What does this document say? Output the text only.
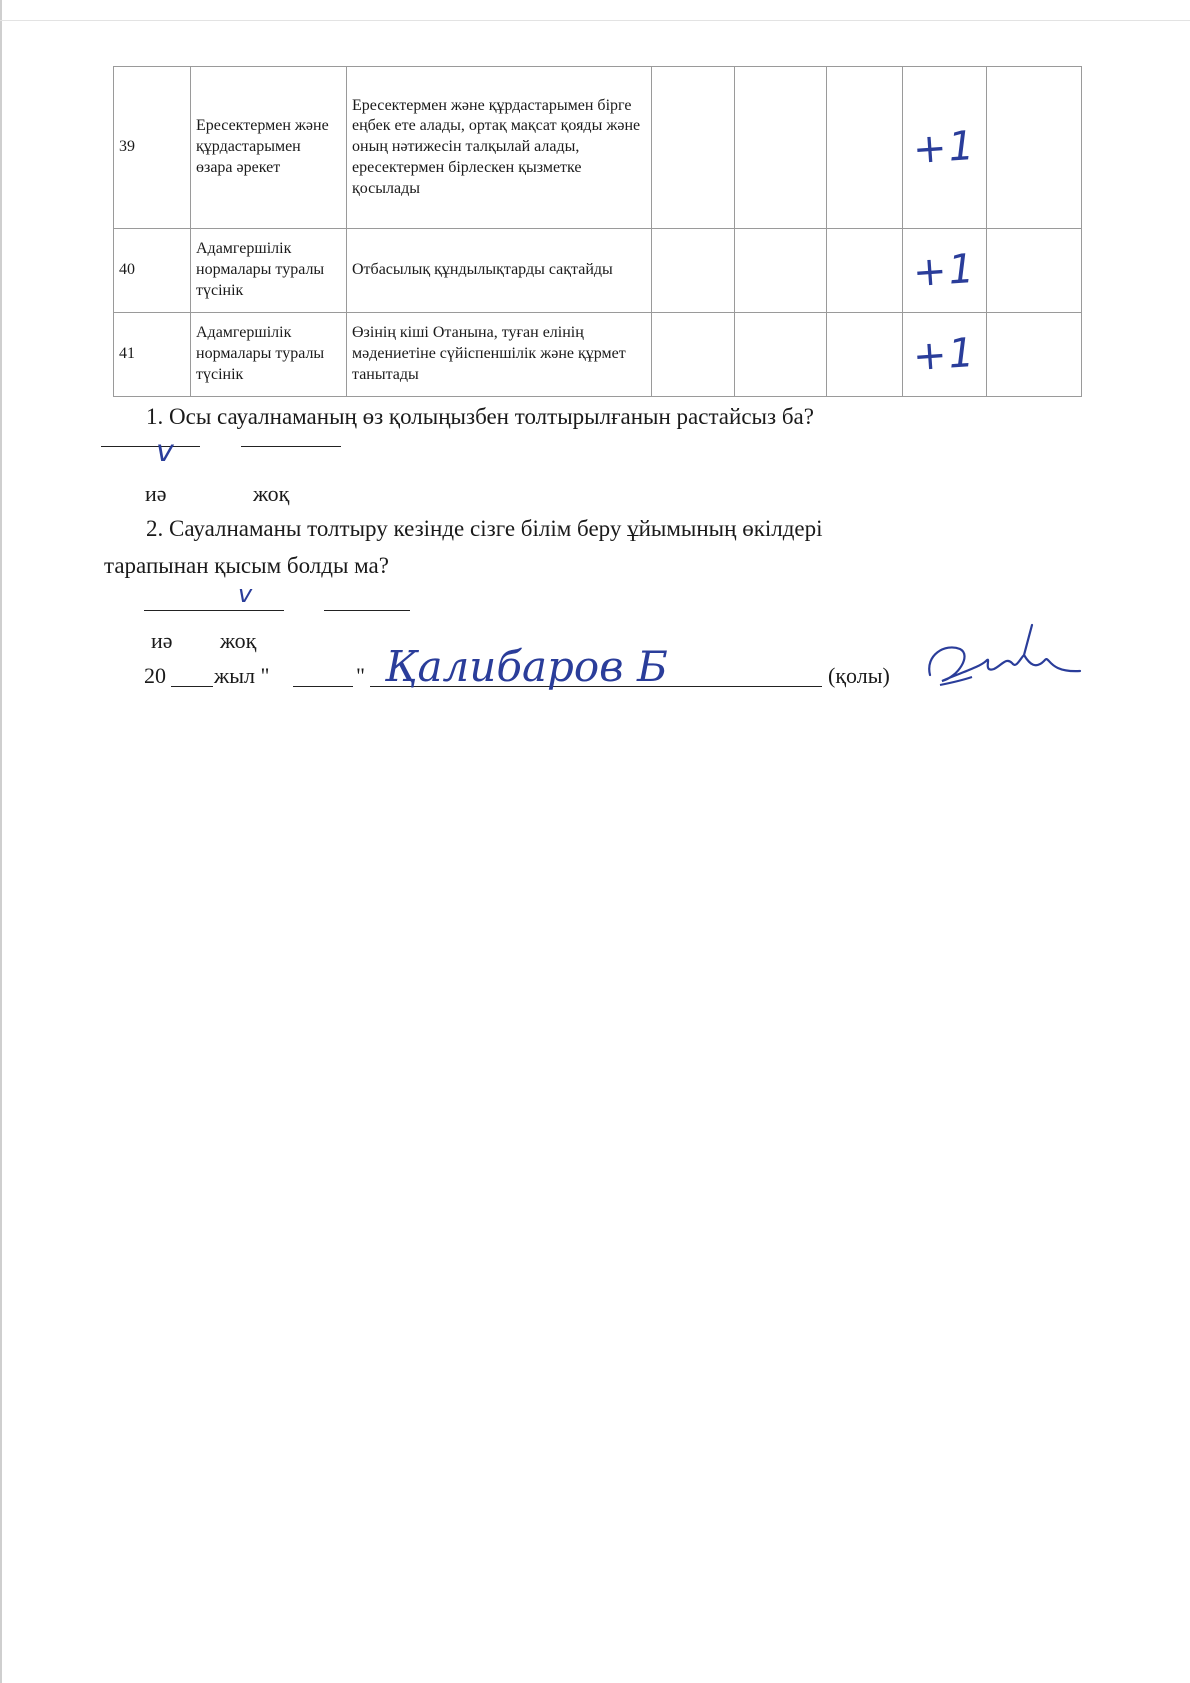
39	Ересектермен және құрдастарымен өзара әрекет	Ересектермен және құрдастарымен бірге еңбек ете алады, ортақ мақсат қояды және оның нәтижесін талқылай алады, ересектермен бірлескен қызметке қосылады				+1	
40	Адамгершілік нормалары туралы түсінік	Отбасылық құндылықтарды сақтайды				+1	
41	Адамгершілік нормалары туралы түсінік	Өзінің кіші Отанына, туған елінің мәдениетіне сүйіспеншілік және құрмет танытады				+1	
1. Осы сауалнаманың өз қолыңызбен толтырылғанын растайсыз ба?
v
иә	жоқ
2. Сауалнаманы толтыру кезінде сізге білім беру ұйымының өкілдері
тарапынан қысым болды ма?
v
иә жоқ
20 жыл "	" Қалибаров Б	(қолы)
